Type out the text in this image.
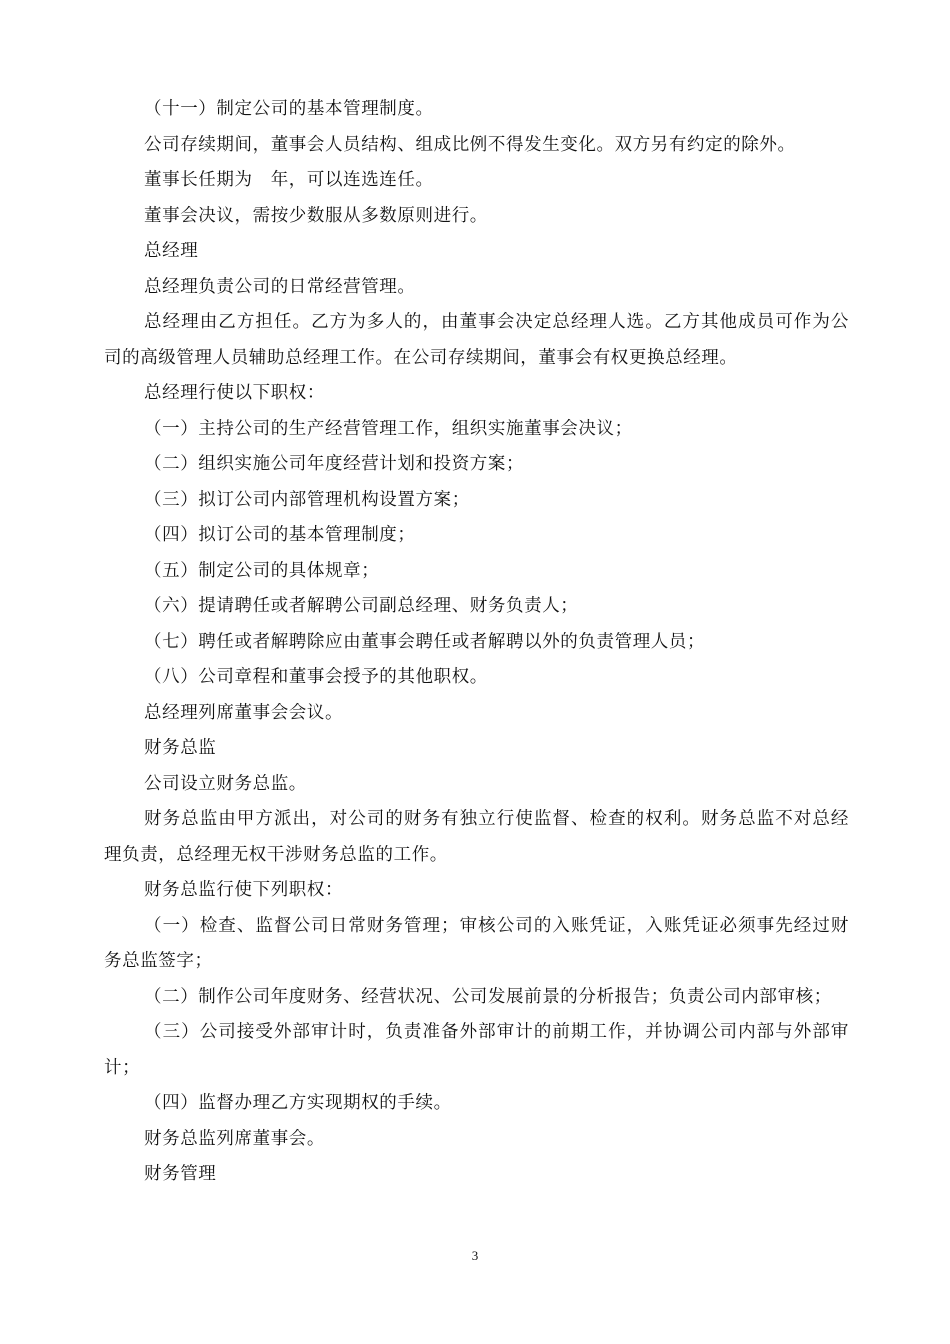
（十一）制定公司的基本管理制度。

公司存续期间，董事会人员结构、组成比例不得发生变化。双方另有约定的除外。

董事长任期为　年，可以连选连任。

董事会决议，需按少数服从多数原则进行。

总经理

总经理负责公司的日常经营管理。

总经理由乙方担任。乙方为多人的，由董事会决定总经理人选。乙方其他成员可作为公司的高级管理人员辅助总经理工作。在公司存续期间，董事会有权更换总经理。

总经理行使以下职权：

（一）主持公司的生产经营管理工作，组织实施董事会决议；

（二）组织实施公司年度经营计划和投资方案；

（三）拟订公司内部管理机构设置方案；

（四）拟订公司的基本管理制度；

（五）制定公司的具体规章；

（六）提请聘任或者解聘公司副总经理、财务负责人；

（七）聘任或者解聘除应由董事会聘任或者解聘以外的负责管理人员；

（八）公司章程和董事会授予的其他职权。

总经理列席董事会会议。

财务总监

公司设立财务总监。

财务总监由甲方派出，对公司的财务有独立行使监督、检查的权利。财务总监不对总经理负责，总经理无权干涉财务总监的工作。

财务总监行使下列职权：

（一）检查、监督公司日常财务管理；审核公司的入账凭证，入账凭证必须事先经过财务总监签字；

（二）制作公司年度财务、经营状况、公司发展前景的分析报告；负责公司内部审核；

（三）公司接受外部审计时，负责准备外部审计的前期工作，并协调公司内部与外部审计；

（四）监督办理乙方实现期权的手续。

财务总监列席董事会。

财务管理

3
